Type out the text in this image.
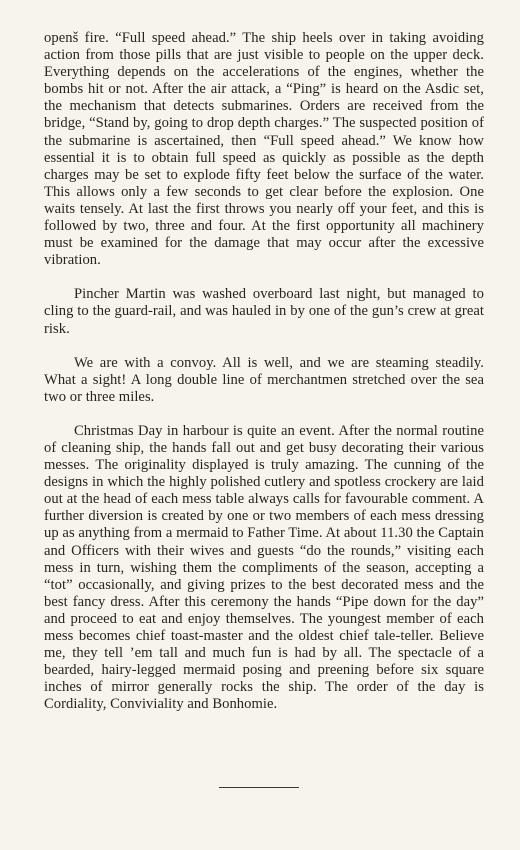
openš fire. “Full speed ahead.” The ship heels over in taking avoiding action from those pills that are just visible to people on the upper deck. Everything depends on the accelerations of the engines, whether the bombs hit or not. After the air attack, a “Ping” is heard on the Asdic set, the mechanism that detects submarines. Orders are received from the bridge, “Stand by, going to drop depth charges.” The suspected position of the submarine is ascertained, then “Full speed ahead.” We know how essential it is to obtain full speed as quickly as possible as the depth charges may be set to explode fifty feet below the surface of the water. This allows only a few seconds to get clear before the explosion. One waits tensely. At last the first throws you nearly off your feet, and this is followed by two, three and four. At the first opportunity all machinery must be examined for the damage that may occur after the excessive vibration.

Pincher Martin was washed overboard last night, but managed to cling to the guard-rail, and was hauled in by one of the gun’s crew at great risk.

We are with a convoy. All is well, and we are steaming steadily. What a sight! A long double line of merchantmen stretched over the sea two or three miles.

Christmas Day in harbour is quite an event. After the normal routine of cleaning ship, the hands fall out and get busy decorating their various messes. The originality displayed is truly amazing. The cunning of the designs in which the highly polished cutlery and spotless crockery are laid out at the head of each mess table always calls for favourable comment. A further diversion is created by one or two members of each mess dressing up as anything from a mermaid to Father Time. At about 11.30 the Captain and Officers with their wives and guests “do the rounds,” visiting each mess in turn, wishing them the compliments of the season, accepting a “tot” occasionally, and giving prizes to the best decorated mess and the best fancy dress. After this ceremony the hands “Pipe down for the day” and proceed to eat and enjoy themselves. The youngest member of each mess becomes chief toast-master and the oldest chief tale-teller. Believe me, they tell ’em tall and much fun is had by all. The spectacle of a bearded, hairy-legged mermaid posing and preening before six square inches of mirror generally rocks the ship. The order of the day is Cordiality, Conviviality and Bonhomie.
